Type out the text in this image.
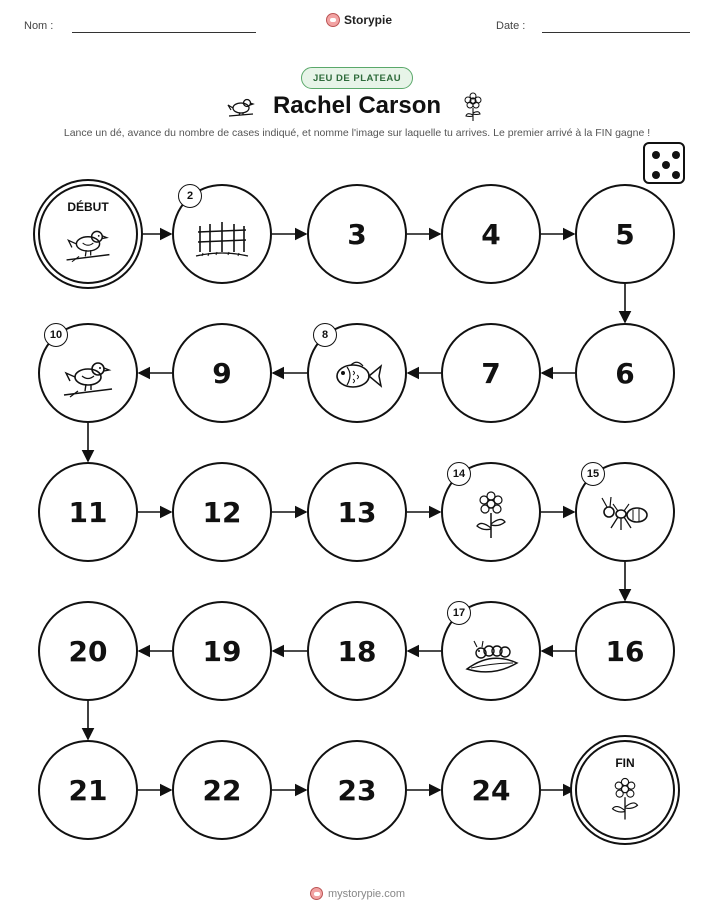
Nom :	Storypie	Date :
JEU DE PLATEAU
Rachel Carson
Lance un dé, avance du nombre de cases indiqué, et nomme l'image sur laquelle tu arrives. Le premier arrivé à la FIN gagne !
DÉBUT
2
3	4	5
6
7
8
9
10
11	12	13
14	15
16
17
18
19
20
21	22	23	24
FIN
mystorypie.com
